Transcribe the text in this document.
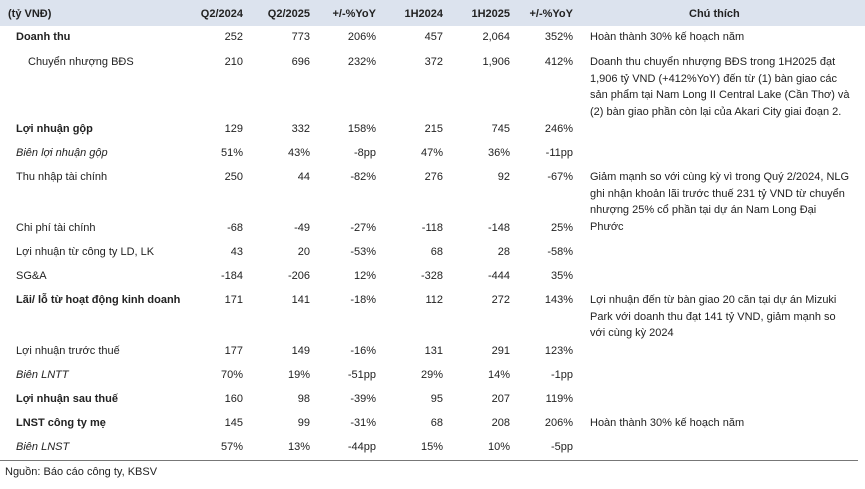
(tỷ VNĐ)	Q2/2024 Q2/2025 +/-%YoY	1H2024	1H2025 +/-%YoY	Chú thích
Doanh thu	252	773	206%	457	2,064	352% Hoàn thành 30% kế hoạch năm
Chuyển nhượng BĐS	210	696	232%	372	1,906	412% Doanh thu chuyển nhượng BĐS trong 1H2025 đạt 1,906 tỷ VND (+412%YoY) đến từ (1) bàn giao các sản phẩm tại Nam Long II Central Lake (Cần Thơ) và (2) bàn giao phần còn lại của Akari City giai đoạn 2.
Lợi nhuận gộp	129	332	158%	215	745	246%
Biên lợi nhuận gộp	51%	43%	-8pp	47%	36%	-11pp
Thu nhập tài chính	250	44	-82%	276	92	-67% Giảm mạnh so với cùng kỳ vì trong Quý 2/2024, NLG ghi nhận khoản lãi trước thuế 231 tỷ VND từ chuyển nhượng 25% cổ phần tại dự án Nam Long Đại Phước
Chi phí tài chính	-68	-49	-27%	-118	-148	25%
Lợi nhuận từ công ty LD, LK	43	20	-53%	68	28	-58%
SG&A	-184	-206	12%	-328	-444	35%
Lãi/ lỗ từ hoạt động kinh doanh	171	141	-18%	112	272	143% Lợi nhuận đến từ bàn giao 20 căn tại dự án Mizuki Park với doanh thu đạt 141 tỷ VND, giảm mạnh so với cùng kỳ 2024
Lợi nhuận trước thuế	177	149	-16%	131	291	123%
Biên LNTT	70%	19%	-51pp	29%	14%	-1pp
Lợi nhuận sau thuế	160	98	-39%	95	207	119%
LNST công ty mẹ	145	99	-31%	68	208	206% Hoàn thành 30% kế hoạch năm
Biên LNST	57%	13%	-44pp	15%	10%	-5pp
Nguồn: Báo cáo công ty, KBSV
